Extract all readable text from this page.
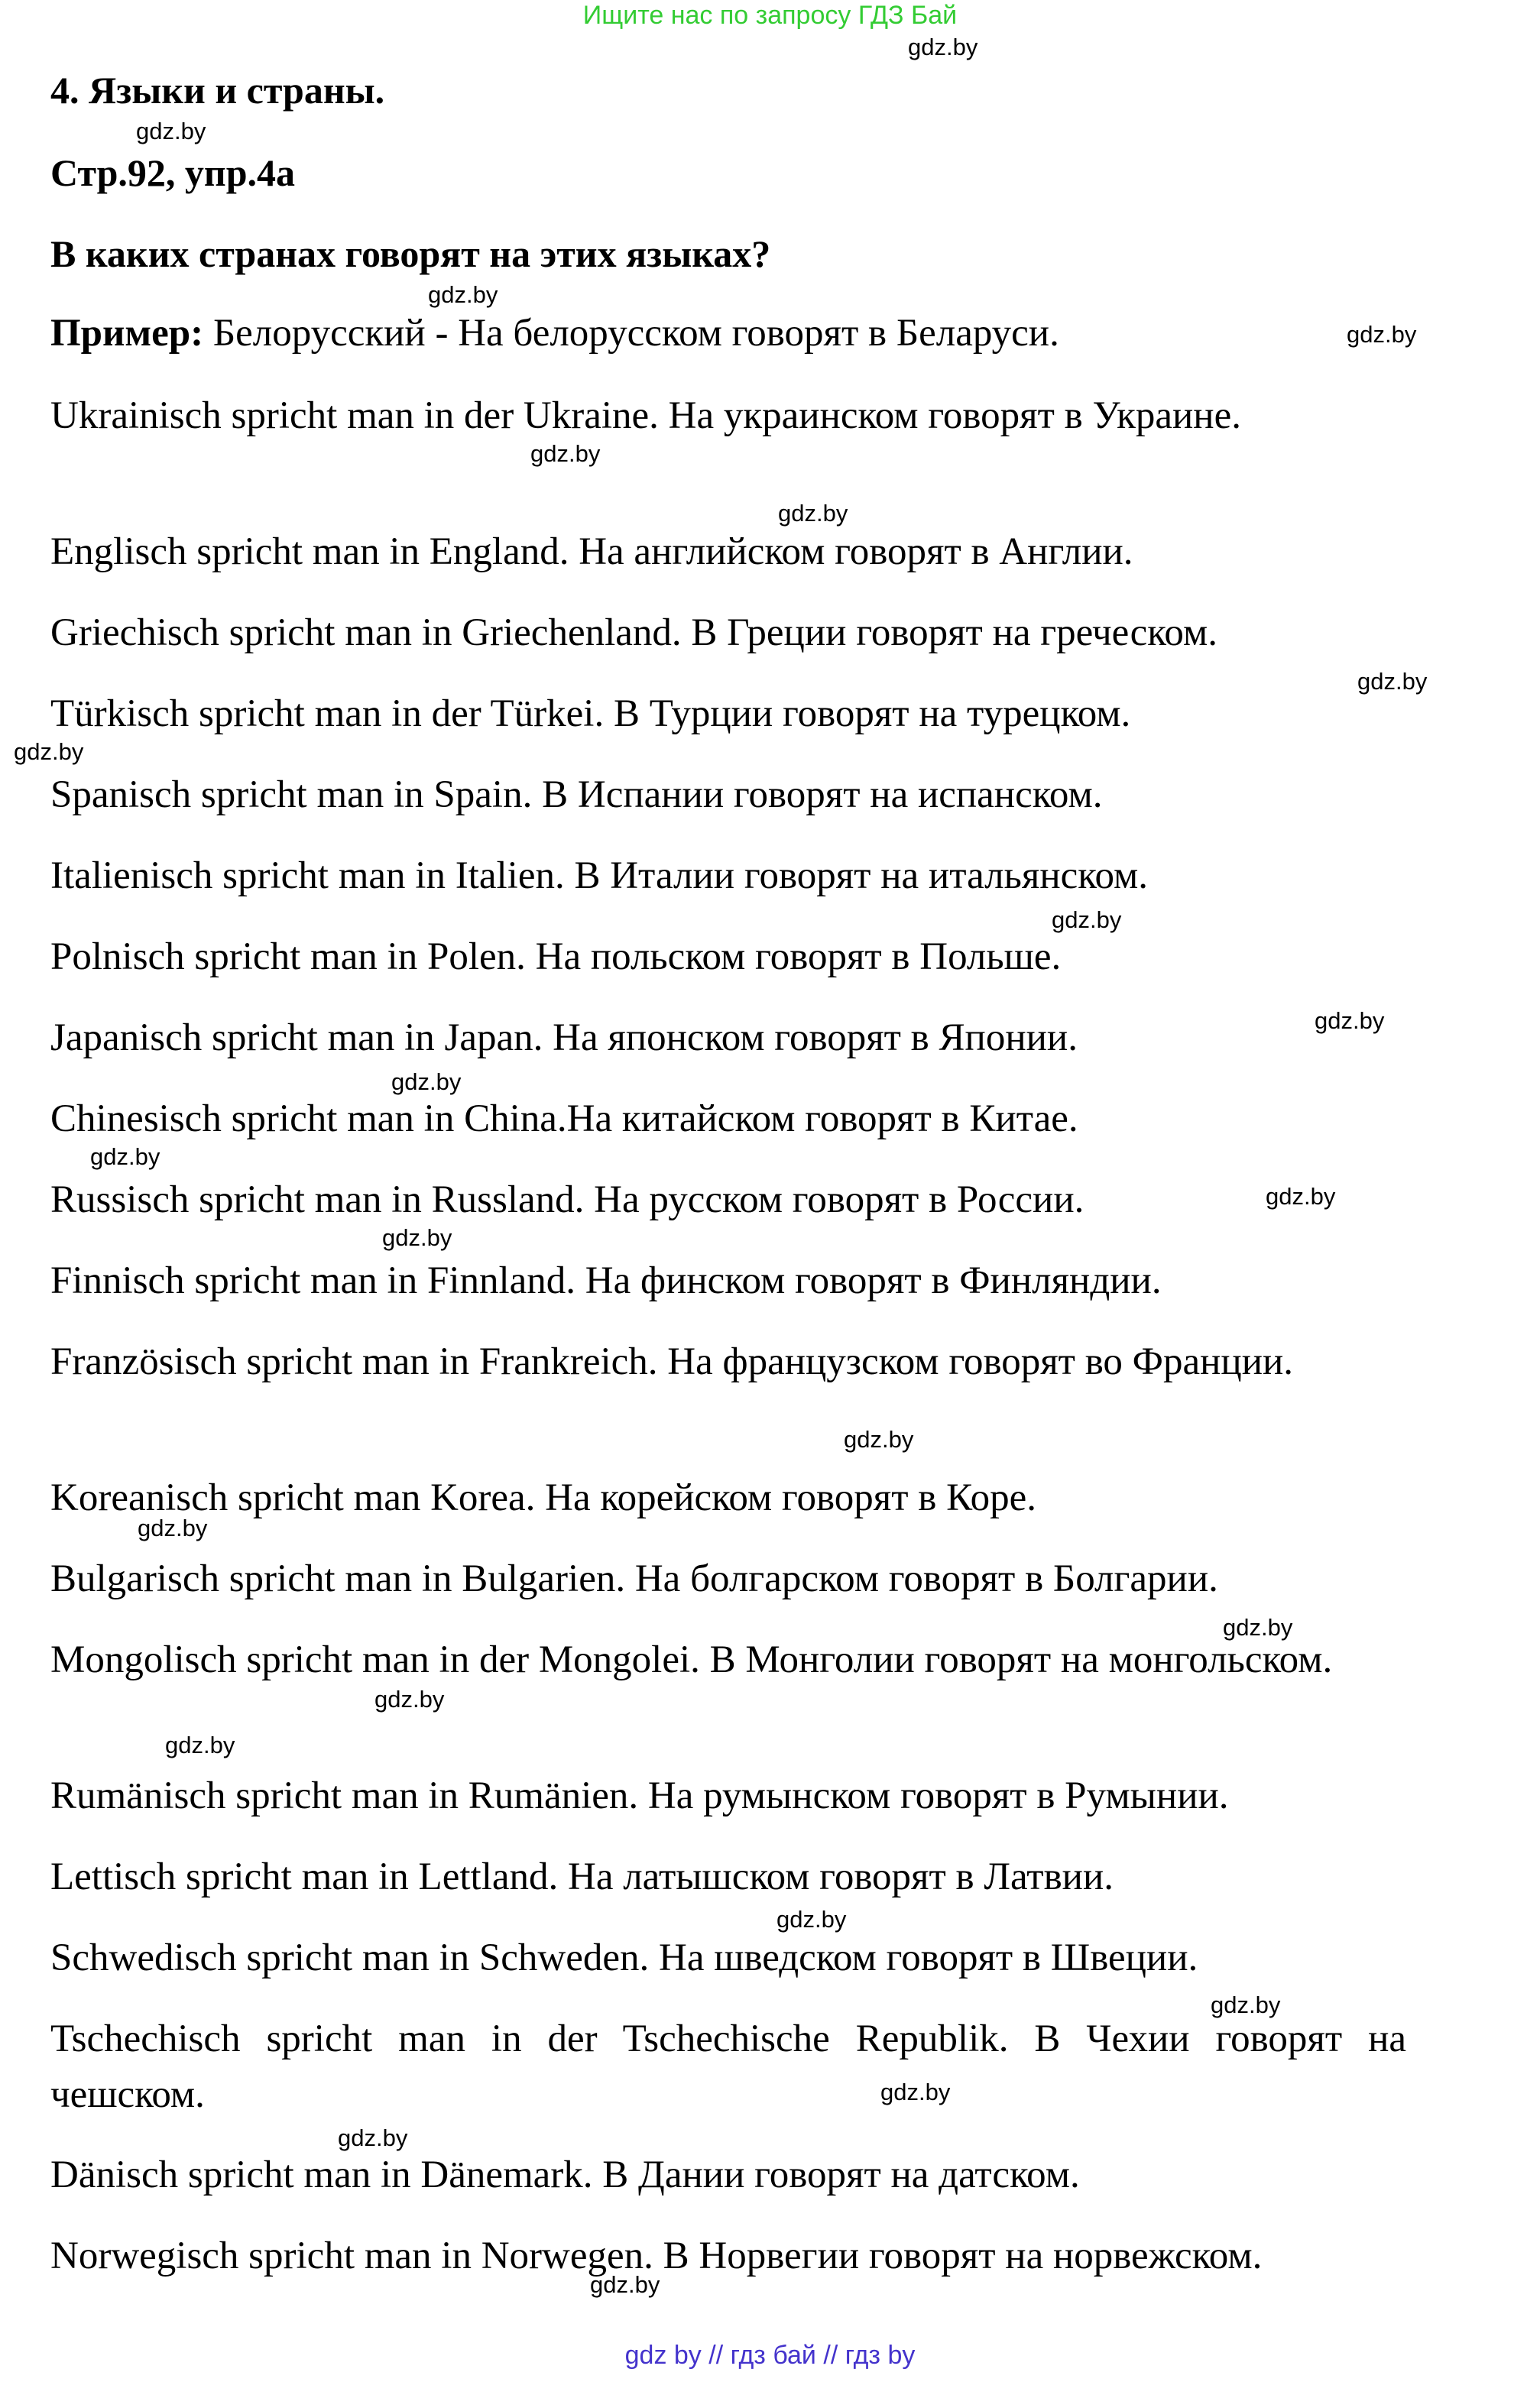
Ищите нас по запросу ГДЗ Бай
4. Языки и страны.
Стр.92, упр.4а
В каких странах говорят на этих языках?
Пример: Белорусский - На белорусском говорят в Беларуси.
Ukrainisch spricht man in der Ukraine. На украинском говорят в Украине.
Englisch spricht man in England. На английском говорят в Англии.
Griechisch spricht man in Griechenland. В Греции говорят на греческом.
Türkisch spricht man in der Türkei. В Турции говорят на турецком.
Spanisch spricht man in Spain. В Испании говорят на испанском.
Italienisch spricht man in Italien. В Италии говорят на итальянском.
Polnisch spricht man in Polen. На польском говорят в Польше.
Japanisch spricht man in Japan. На японском говорят в Японии.
Chinesisch spricht man in China.На китайском говорят в Китае.
Russisch spricht man in Russland. На русском говорят в России.
Finnisch spricht man in Finnland. На финском говорят в Финляндии.
Französisch spricht man in Frankreich. На французском говорят во Франции.
Koreanisch spricht man Korea. На корейском говорят в Коре.
Bulgarisch spricht man in Bulgarien. На болгарском говорят в Болгарии.
Mongolisch spricht man in der Mongolei. В Монголии говорят на монгольском.
Rumänisch spricht man in Rumänien. На румынском говорят в Румынии.
Lettisch spricht man in Lettland. На латышском говорят в Латвии.
Schwedisch spricht man in Schweden. На шведском говорят в Швеции.
Tschechisch spricht man in der Tschechische Republik. В Чехии говорят на чешском.
Dänisch spricht man in Dänemark. В Дании говорят на датском.
Norwegisch spricht man in Norwegen. В Норвегии говорят на норвежском.
gdz.by
gdz.by
gdz.by
gdz.by
gdz.by
gdz.by
gdz.by
gdz.by
gdz.by
gdz.by
gdz.by
gdz.by
gdz.by
gdz.by
gdz.by
gdz.by
gdz.by
gdz.by
gdz.by
gdz.by
gdz.by
gdz.by
gdz.by
gdz.by
gdz by // гдз бай // гдз by
